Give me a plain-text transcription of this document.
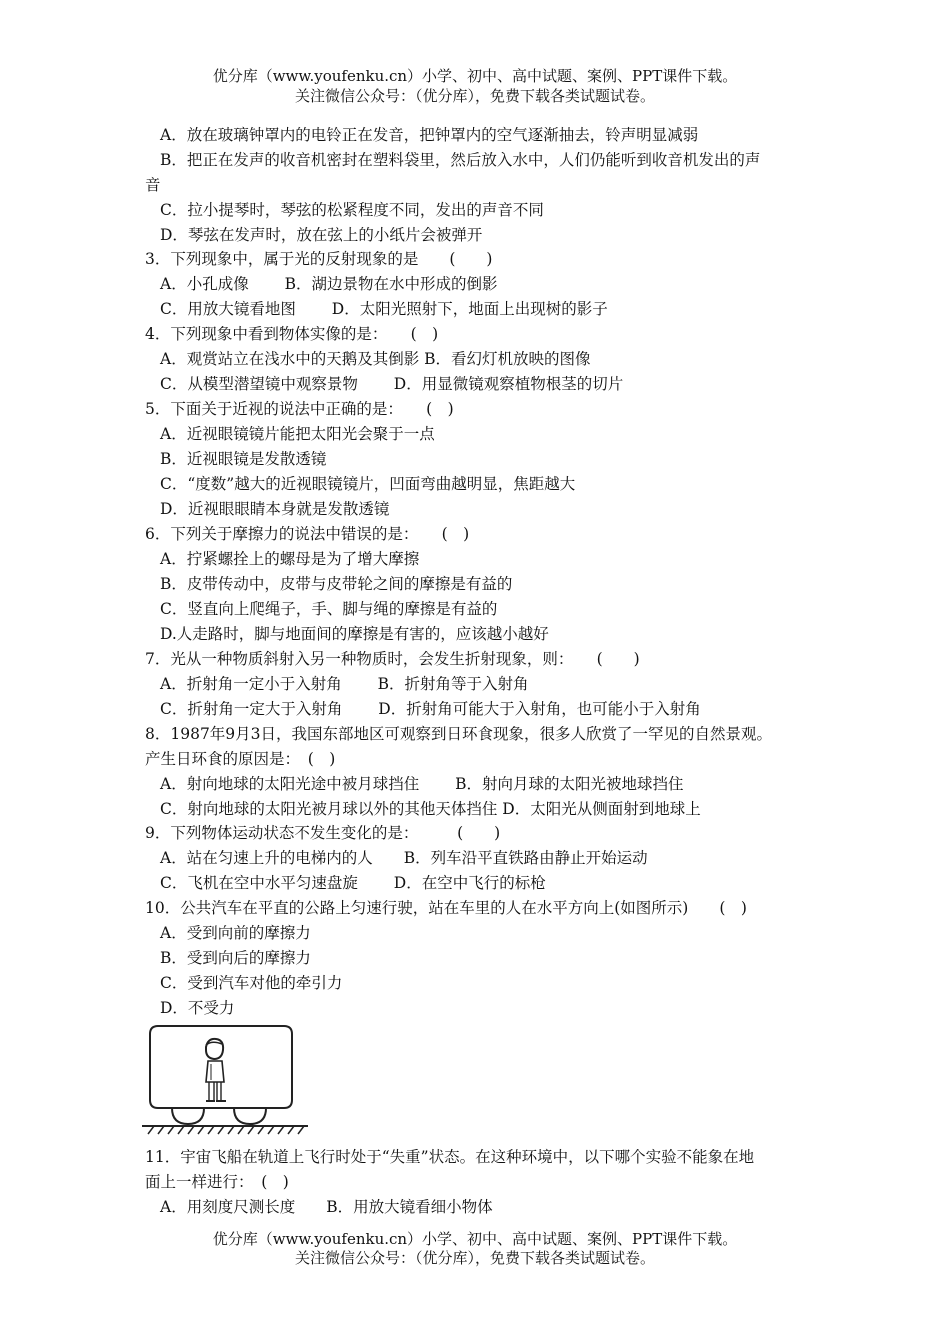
优分库（www.youfenku.cn）小学、初中、高中试题、案例、PPT课件下载。
关注微信公众号：（优分库），免费下载各类试题试卷。
A．放在玻璃钟罩内的电铃正在发音，把钟罩内的空气逐渐抽去，铃声明显减弱
B．把正在发声的收音机密封在塑料袋里，然后放入水中，人们仍能听到收音机发出的声
音
C．拉小提琴时，琴弦的松紧程度不同，发出的声音不同
D．琴弦在发声时，放在弦上的小纸片会被弹开
3．下列现象中，属于光的反射现象的是　　(　　)
A．小孔成像　　 B．湖边景物在水中形成的倒影
C．用放大镜看地图　　 D．太阳光照射下，地面上出现树的影子
4．下列现象中看到物体实像的是：　　(　)
A．观赏站立在浅水中的天鹅及其倒影 B．看幻灯机放映的图像
C．从模型潜望镜中观察景物　　 D．用显微镜观察植物根茎的切片
5．下面关于近视的说法中正确的是：　　(　)
A．近视眼镜镜片能把太阳光会聚于一点
B．近视眼镜是发散透镜
C．“度数”越大的近视眼镜镜片，凹面弯曲越明显，焦距越大
D．近视眼眼睛本身就是发散透镜
6．下列关于摩擦力的说法中错误的是：　　(　)
A．拧紧螺拴上的螺母是为了增大摩擦
B．皮带传动中，皮带与皮带轮之间的摩擦是有益的
C．竖直向上爬绳子，手、脚与绳的摩擦是有益的
D.人走路时，脚与地面间的摩擦是有害的，应该越小越好
7．光从一种物质斜射入另一种物质时，会发生折射现象，则：　　(　　)
A．折射角一定小于入射角　　 B．折射角等于入射角
C．折射角一定大于入射角　　 D．折射角可能大于入射角，也可能小于入射角
8．1987年9月3日，我国东部地区可观察到日环食现象，很多人欣赏了一罕见的自然景观。
产生日环食的原因是：　(　)
A．射向地球的太阳光途中被月球挡住　　 B．射向月球的太阳光被地球挡住
C．射向地球的太阳光被月球以外的其他天体挡住 D．太阳光从侧面射到地球上
9．下列物体运动状态不发生变化的是：　　　(　　)
A．站在匀速上升的电梯内的人　　B．列车沿平直铁路由静止开始运动
C．飞机在空中水平匀速盘旋　　 D．在空中飞行的标枪
10．公共汽车在平直的公路上匀速行驶，站在车里的人在水平方向上(如图所示)　　(　)
A．受到向前的摩擦力
B．受到向后的摩擦力
C．受到汽车对他的牵引力
D．不受力
11．宇宙飞船在轨道上飞行时处于“失重”状态。在这种环境中，以下哪个实验不能象在地
面上一样进行：　(　)
A．用刻度尺测长度　　B．用放大镜看细小物体
优分库（www.youfenku.cn）小学、初中、高中试题、案例、PPT课件下载。
关注微信公众号：（优分库），免费下载各类试题试卷。
